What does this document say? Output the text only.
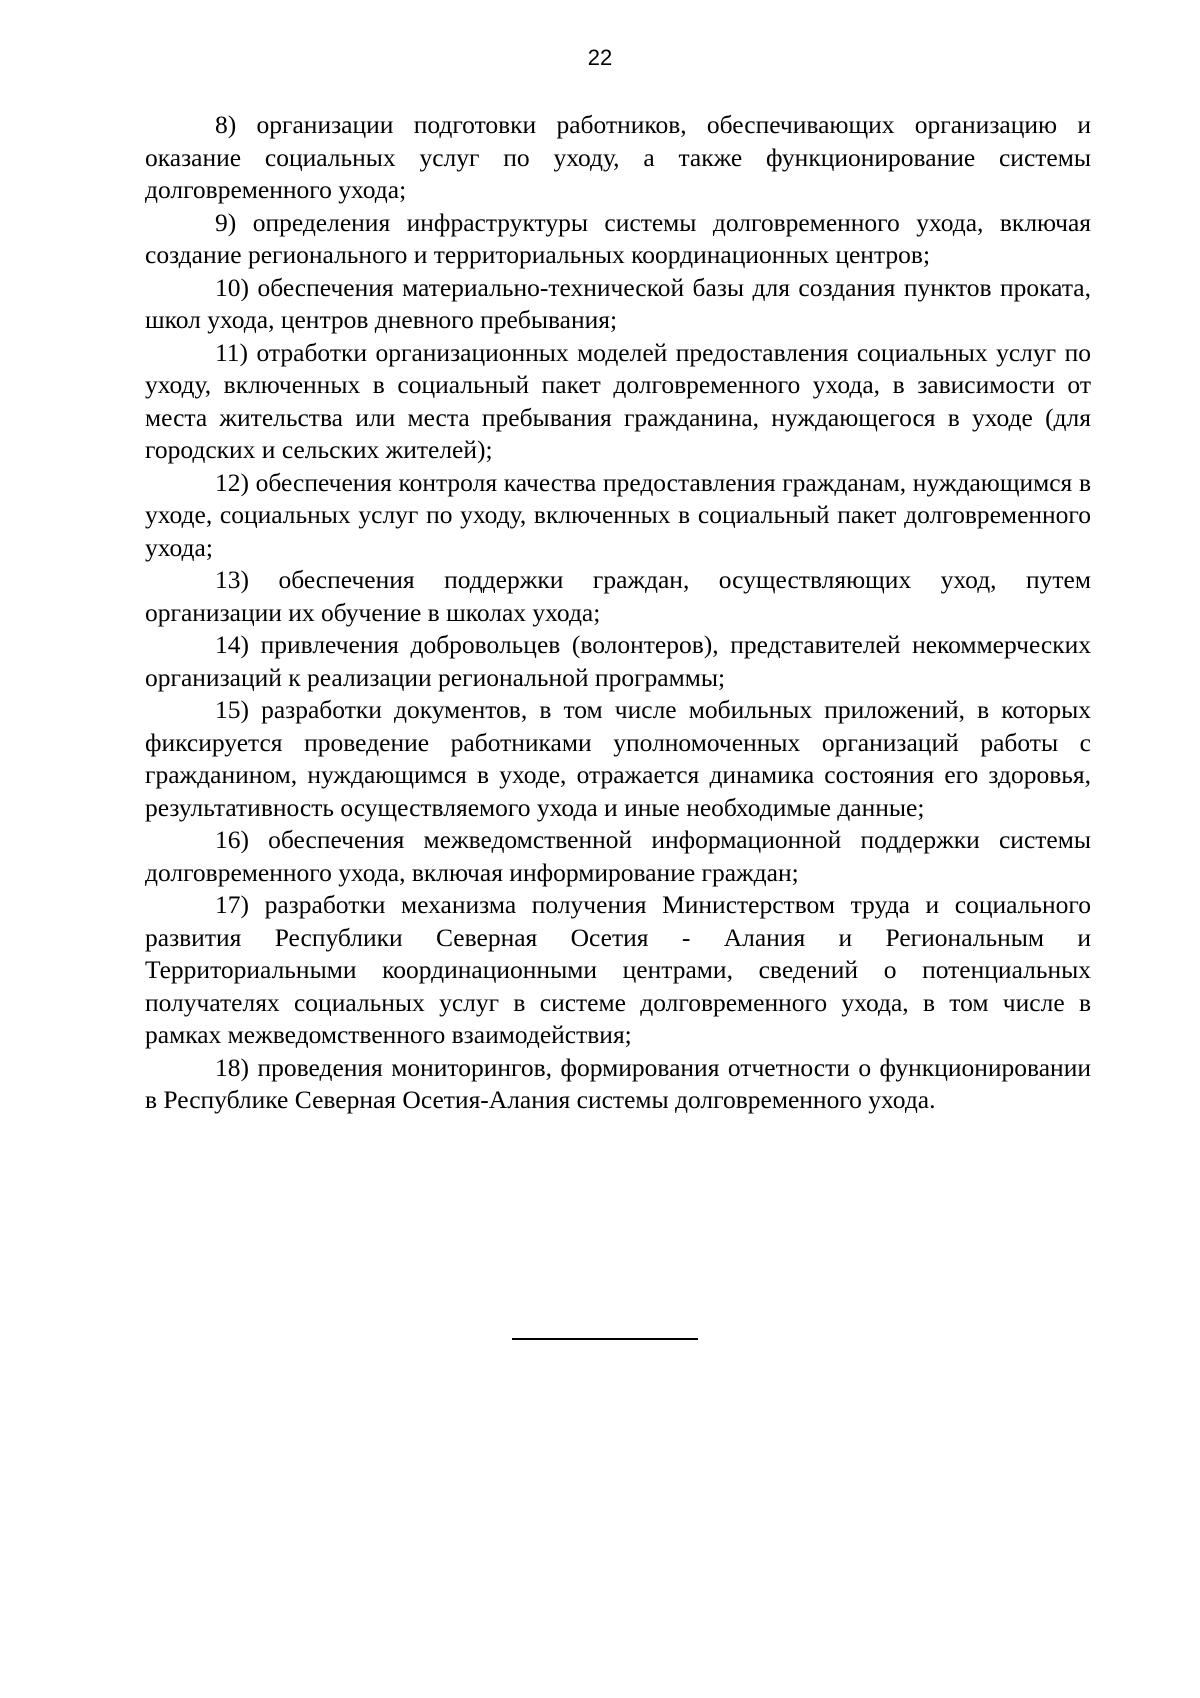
22

8) организации подготовки работников, обеспечивающих организацию и оказание социальных услуг по уходу, а также функционирование системы долговременного ухода;

9) определения инфраструктуры системы долговременного ухода, включая создание регионального и территориальных координационных центров;

10) обеспечения материально-технической базы для создания пунктов проката, школ ухода, центров дневного пребывания;

11) отработки организационных моделей предоставления социальных услуг по уходу, включенных в социальный пакет долговременного ухода, в зависимости от места жительства или места пребывания гражданина, нуждающегося в уходе (для городских и сельских жителей);

12) обеспечения контроля качества предоставления гражданам, нуждающимся в уходе, социальных услуг по уходу, включенных в социальный пакет долговременного ухода;

13) обеспечения поддержки граждан, осуществляющих уход, путем организации их обучение в школах ухода;

14) привлечения добровольцев (волонтеров), представителей некоммерческих организаций к реализации региональной программы;

15) разработки документов, в том числе мобильных приложений, в которых фиксируется проведение работниками уполномоченных организаций работы с гражданином, нуждающимся в уходе, отражается динамика состояния его здоровья, результативность осуществляемого ухода и иные необходимые данные;

16) обеспечения межведомственной информационной поддержки системы долговременного ухода, включая информирование граждан;

17) разработки механизма получения Министерством труда и социального развития Республики Северная Осетия - Алания и Региональным и Территориальными координационными центрами, сведений о потенциальных получателях социальных услуг в системе долговременного ухода, в том числе в рамках межведомственного взаимодействия;

18) проведения мониторингов, формирования отчетности о функционировании в Республике Северная Осетия-Алания системы долговременного ухода.
